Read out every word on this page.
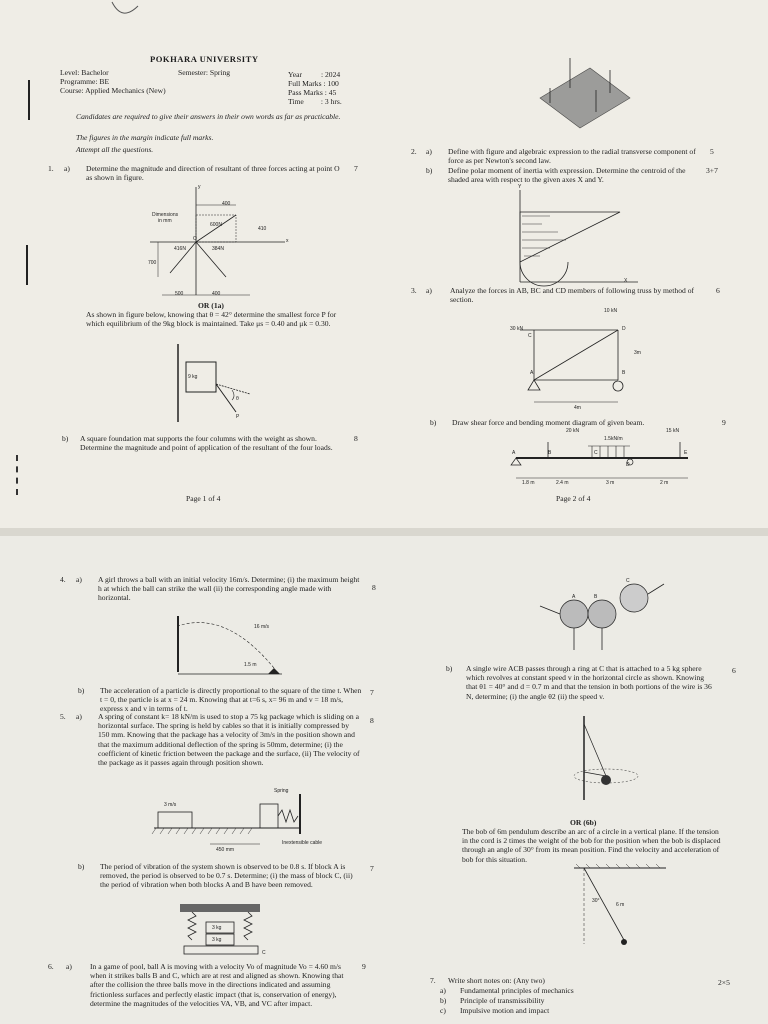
POKHARA UNIVERSITY
Level: Bachelor	Semester: Spring
Programme: BE
Course: Applied Mechanics (New)
Year          : 2024
Full Marks : 100
Pass Marks : 45
Time         : 3 hrs.
Candidates are required to give their answers in their own words as far as practicable.
The figures in the margin indicate full marks.
Attempt all the questions.
1. a) Determine the magnitude and direction of resultant of three forces acting at point O as shown in figure.
7
Dimensions
in mm
600N
416N	384N
400
410
700
500	400
O	x
y
OR (1a)
As shown in figure below, knowing that θ = 42° determine the smallest force P for which equilibrium of the 9kg block is maintained. Take μs = 0.40 and μk = 0.30.
9 kg
θ
P
b) A square foundation mat supports the four columns with the weight as shown. Determine the magnitude and point of application of the resultant of the four loads.
8
Page 1 of 4
2. a) Define with figure and algebraic expression to the radial transverse component of force as per Newton's second law.
5
b) Define polar moment of inertia with expression. Determine the centroid of the shaded area with respect to the given axes X and Y.
3+7
Y
X
3. a) Analyze the forces in AB, BC and CD members of following truss by method of section.
6
10 kN
30 kN
C
D
A	B
3m
4m
b) Draw shear force and bending moment diagram of given beam.	9
20 kN	15 kN
1.5kN/m
A	B	C
D
E
1.8 m	2.4 m	3 m	2 m
Page 2 of 4
4. a) A girl throws a ball with an initial velocity 16m/s. Determine; (i) the maximum height h at which the ball can strike the wall (ii) the corresponding angle made with horizontal.
8
16 m/s
1.5 m
b) The acceleration of a particle is directly proportional to the square of the time t. When t = 0, the particle is at x = 24 m. Knowing that at t=6 s, x= 96 m and v = 18 m/s, express x and v in terms of t.
7
5. a) A spring of constant k= 18 kN/m is used to stop a 75 kg package which is sliding on a horizontal surface. The spring is held by cables so that it is initially compressed by 150 mm. Knowing that the package has a velocity of 3m/s in the position shown and that the maximum additional deflection of the spring is 50mm, determine; (i) the coefficient of kinetic friction between the package and the surface, (ii) The velocity of the package as it passes again through position shown.
8
Spring
3 m/s
Inextensible cable
450 mm
b) The period of vibration of the system shown is observed to be 0.8 s. If block A is removed, the period is observed to be 0.7 s. Determine; (i) the mass of block C, (ii) the period of vibration when both blocks A and B have been removed.
7
3 kg
3 kg
C
6. a) In a game of pool, ball A is moving with a velocity Vo of magnitude Vo = 4.60 m/s when it strikes balls B and C, which are at rest and aligned as shown. Knowing that after the collision the three balls move in the directions indicated and assuming frictionless surfaces and perfectly elastic impact (that is, conservation of energy), determine the magnitudes of the velocities VA, VB, and VC after impact.
9
A	B
C
b) A single wire ACB passes through a ring at C that is attached to a 5 kg sphere which revolves at constant speed v in the horizontal circle as shown. Knowing that θ1 = 40° and d = 0.7 m and that the tension in both portions of the wire is 36 N, determine; (i) the angle θ2 (ii) the speed v.
6
OR (6b)
The bob of 6m pendulum describe an arc of a circle in a vertical plane. If the tension in the cord is 2 times the weight of the bob for the position when the bob is displaced through an angle of 30° from its mean position. Find the velocity and acceleration of bob for this situation.
30°
6 m
7. Write short notes on: (Any two)	2×5
a) Fundamental principles of mechanics
b) Principle of transmissibility
c) Impulsive motion and impact
